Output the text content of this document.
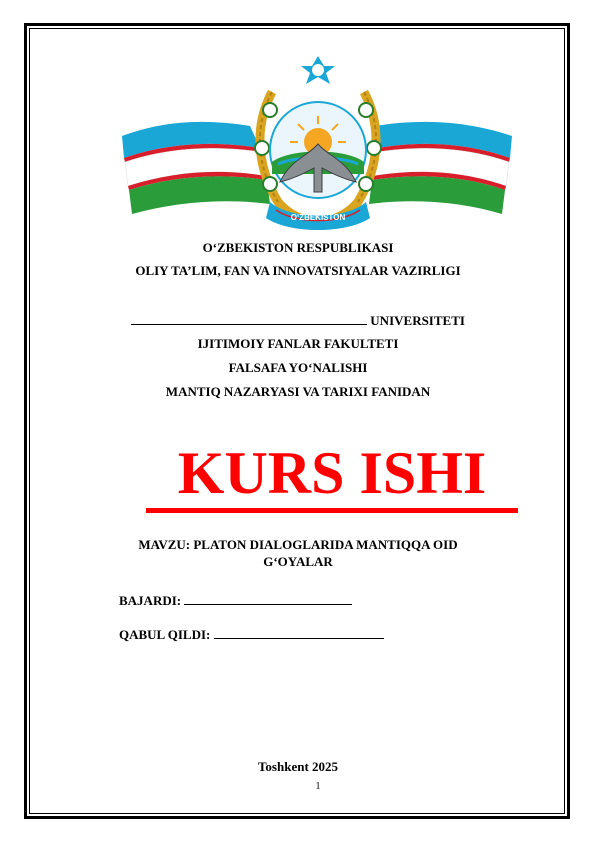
O‘ZBEKISTON
O‘ZBEKISTON RESPUBLIKASI
OLIY TA’LIM, FAN VA INNOVATSIYALAR VAZIRLIGI
UNIVERSITETI
IJITIMOIY FANLAR FAKULTETI
FALSAFA YO‘NALISHI
MANTIQ NAZARYASI VA TARIXI FANIDAN
KURS ISHI
MAVZU: PLATON DIALOGLARIDA MANTIQQA OID
G‘OYALAR
BAJARDI:
QABUL QILDI:
Toshkent 2025
1
